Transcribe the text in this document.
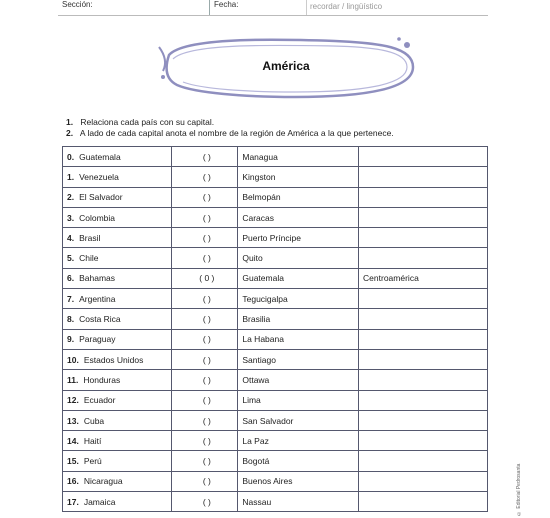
Sección:	Fecha:	recordar / lingüístico
América
1. Relaciona cada país con su capital.
2. A lado de cada capital anota el nombre de la región de América a la que pertenece.
0. Guatemala	( )	Managua	
1. Venezuela	( )	Kingston	
2. El Salvador	( )	Belmopán	
3. Colombia	( )	Caracas	
4. Brasil	( )	Puerto Príncipe	
5. Chile	( )	Quito	
6. Bahamas	( 0 )	Guatemala	Centroamérica
7. Argentina	( )	Tegucigalpa	
8. Costa Rica	( )	Brasilia	
9. Paraguay	( )	La Habana	
10. Estados Unidos	( )	Santiago	
11. Honduras	( )	Ottawa	
12. Ecuador	( )	Lima	
13. Cuba	( )	San Salvador	
14. Haití	( )	La Paz	
15. Perú	( )	Bogotá	
16. Nicaragua	( )	Buenos Aires	
17. Jamaica	( )	Nassau		© Editorial Pedrosanta
